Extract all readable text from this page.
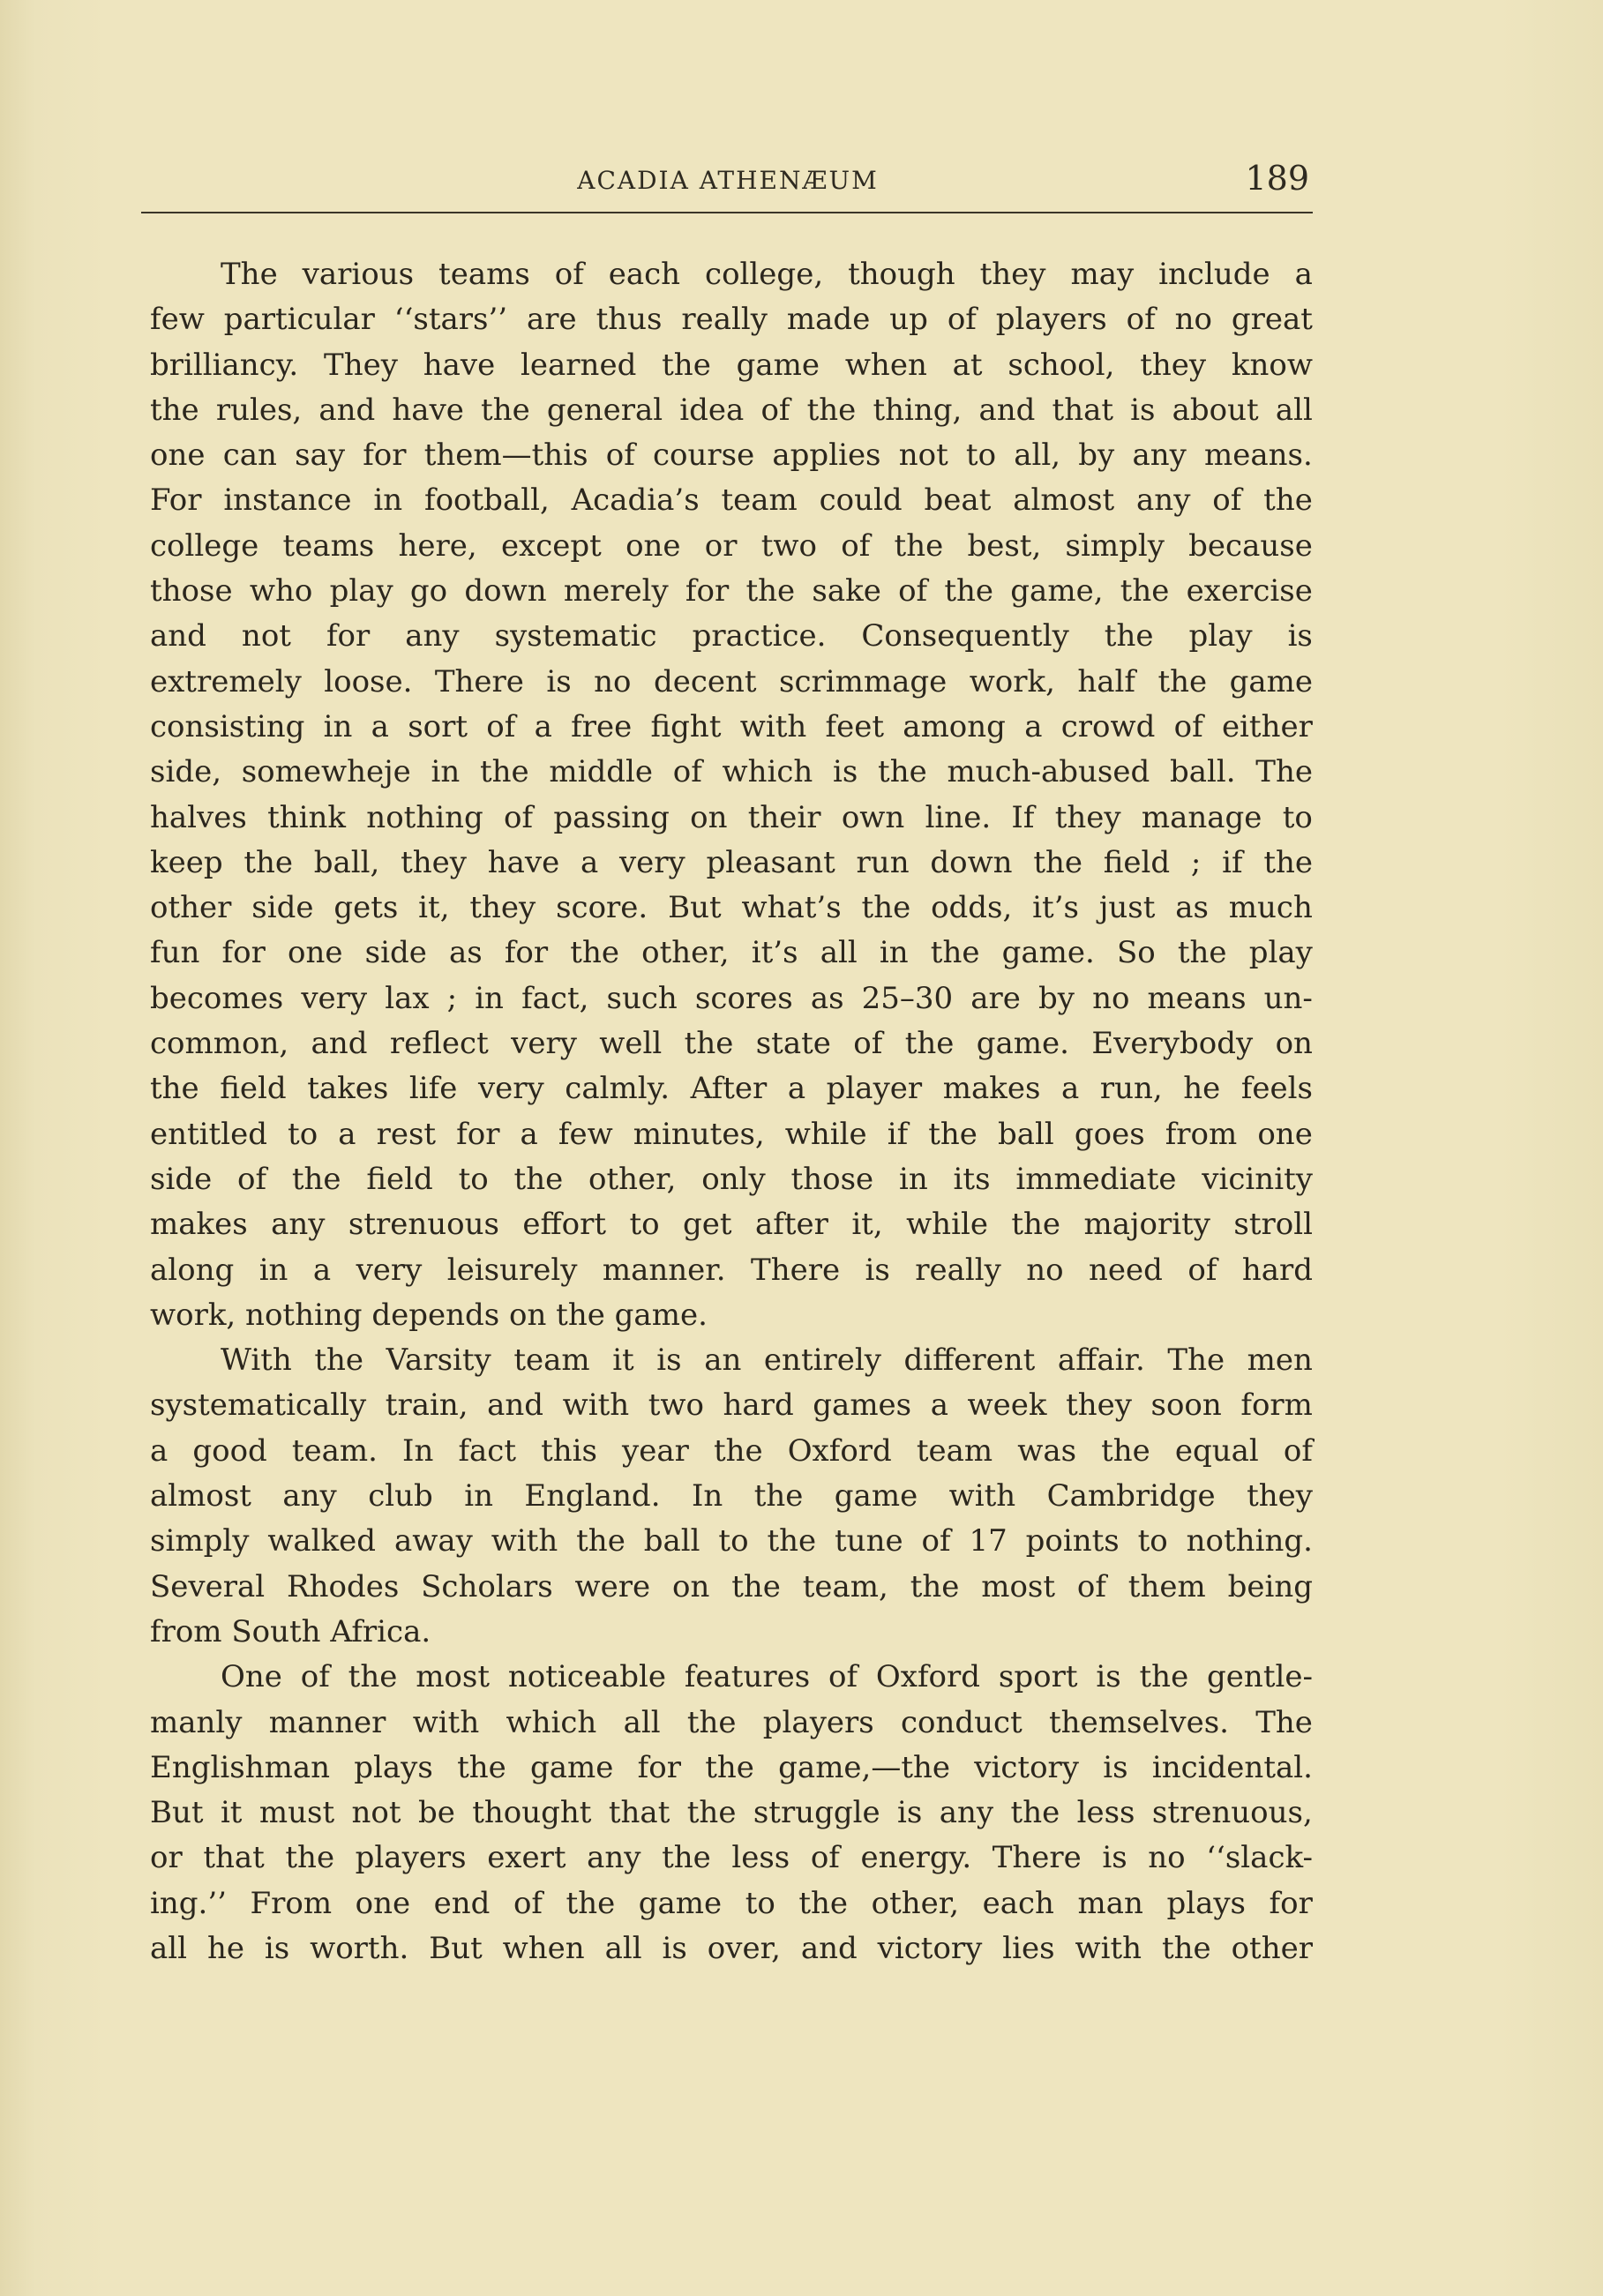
ACADIA ATHENÆUM	189
The various teams of each college, though they may include a
few particular ‘‘stars’’ are thus really made up of players of no great
brilliancy. They have learned the game when at school, they know
the rules, and have the general idea of the thing, and that is about all
one can say for them—this of course applies not to all, by any means.
For instance in football, Acadia’s team could beat almost any of the
college teams here, except one or two of the best, simply because
those who play go down merely for the sake of the game, the exercise
and not for any systematic practice. Consequently the play is
extremely loose. There is no decent scrimmage work, half the game
consisting in a sort of a free fight with feet among a crowd of either
side, somewheje in the middle of which is the much-abused ball. The
halves think nothing of passing on their own line. If they manage to
keep the ball, they have a very pleasant run down the field ; if the
other side gets it, they score. But what’s the odds, it’s just as much
fun for one side as for the other, it’s all in the game. So the play
becomes very lax ; in fact, such scores as 25–30 are by no means un-
common, and reflect very well the state of the game. Everybody on
the field takes life very calmly. After a player makes a run, he feels
entitled to a rest for a few minutes, while if the ball goes from one
side of the field to the other, only those in its immediate vicinity
makes any strenuous effort to get after it, while the majority stroll
along in a very leisurely manner. There is really no need of hard
work, nothing depends on the game.
With the Varsity team it is an entirely different affair. The men
systematically train, and with two hard games a week they soon form
a good team. In fact this year the Oxford team was the equal of
almost any club in England. In the game with Cambridge they
simply walked away with the ball to the tune of 17 points to nothing.
Several Rhodes Scholars were on the team, the most of them being
from South Africa.
One of the most noticeable features of Oxford sport is the gentle-
manly manner with which all the players conduct themselves. The
Englishman plays the game for the game,—the victory is incidental.
But it must not be thought that the struggle is any the less strenuous,
or that the players exert any the less of energy. There is no ‘‘slack-
ing.’’ From one end of the game to the other, each man plays for
all he is worth. But when all is over, and victory lies with the other
